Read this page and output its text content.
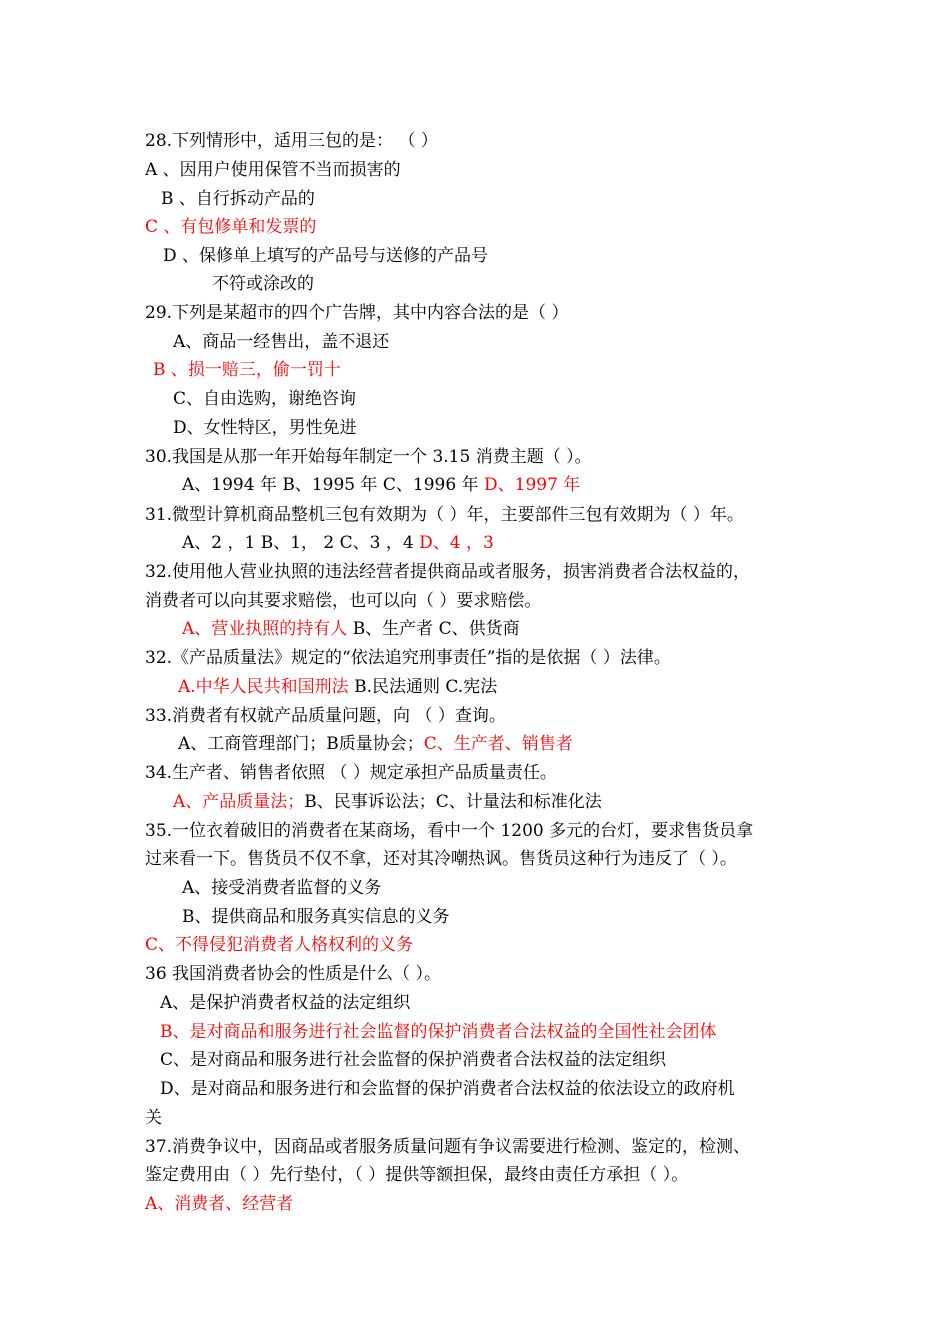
28.下列情形中，适用三包的是： （ ）
A 、因用户使用保管不当而损害的
B 、自行拆动产品的
C 、有包修单和发票的
D 、保修单上填写的产品号与送修的产品号
不符或涂改的
29.下列是某超市的四个广告牌，其中内容合法的是（ ）
A、商品一经售出，盖不退还
B 、损一赔三，偷一罚十
C、自由选购，谢绝咨询
D、女性特区，男性免进
30.我国是从那一年开始每年制定一个 3.15 消费主题（ ）。
A、1994 年 B、1995 年 C、1996 年 D、1997 年
31.微型计算机商品整机三包有效期为（ ）年，主要部件三包有效期为（ ）年。
A、2 ，1 B、1， 2 C、3 ，4 D、4 ，3
32.使用他人营业执照的违法经营者提供商品或者服务，损害消费者合法权益的，
消费者可以向其要求赔偿，也可以向（ ）要求赔偿。
A、营业执照的持有人 B、生产者 C、供货商
32.《产品质量法》规定的“依法追究刑事责任”指的是依据（ ）法律。
A.中华人民共和国刑法 B.民法通则 C.宪法
33.消费者有权就产品质量问题，向 （ ）查询。
A、工商管理部门；B质量协会；C、生产者、销售者
34.生产者、销售者依照 （ ）规定承担产品质量责任。
A、产品质量法；B、民事诉讼法；C、计量法和标准化法
35.一位衣着破旧的消费者在某商场，看中一个 1200 多元的台灯，要求售货员拿
过来看一下。售货员不仅不拿，还对其冷嘲热讽。售货员这种行为违反了（ ）。
A、接受消费者监督的义务
B、提供商品和服务真实信息的义务
C、不得侵犯消费者人格权利的义务
36 我国消费者协会的性质是什么（ ）。
A、是保护消费者权益的法定组织
B、是对商品和服务进行社会监督的保护消费者合法权益的全国性社会团体
C、是对商品和服务进行社会监督的保护消费者合法权益的法定组织
D、是对商品和服务进行和会监督的保护消费者合法权益的依法设立的政府机
关
37.消费争议中，因商品或者服务质量问题有争议需要进行检测、鉴定的，检测、
鉴定费用由（ ）先行垫付，（ ）提供等额担保，最终由责任方承担（ ）。
A、消费者、经营者
